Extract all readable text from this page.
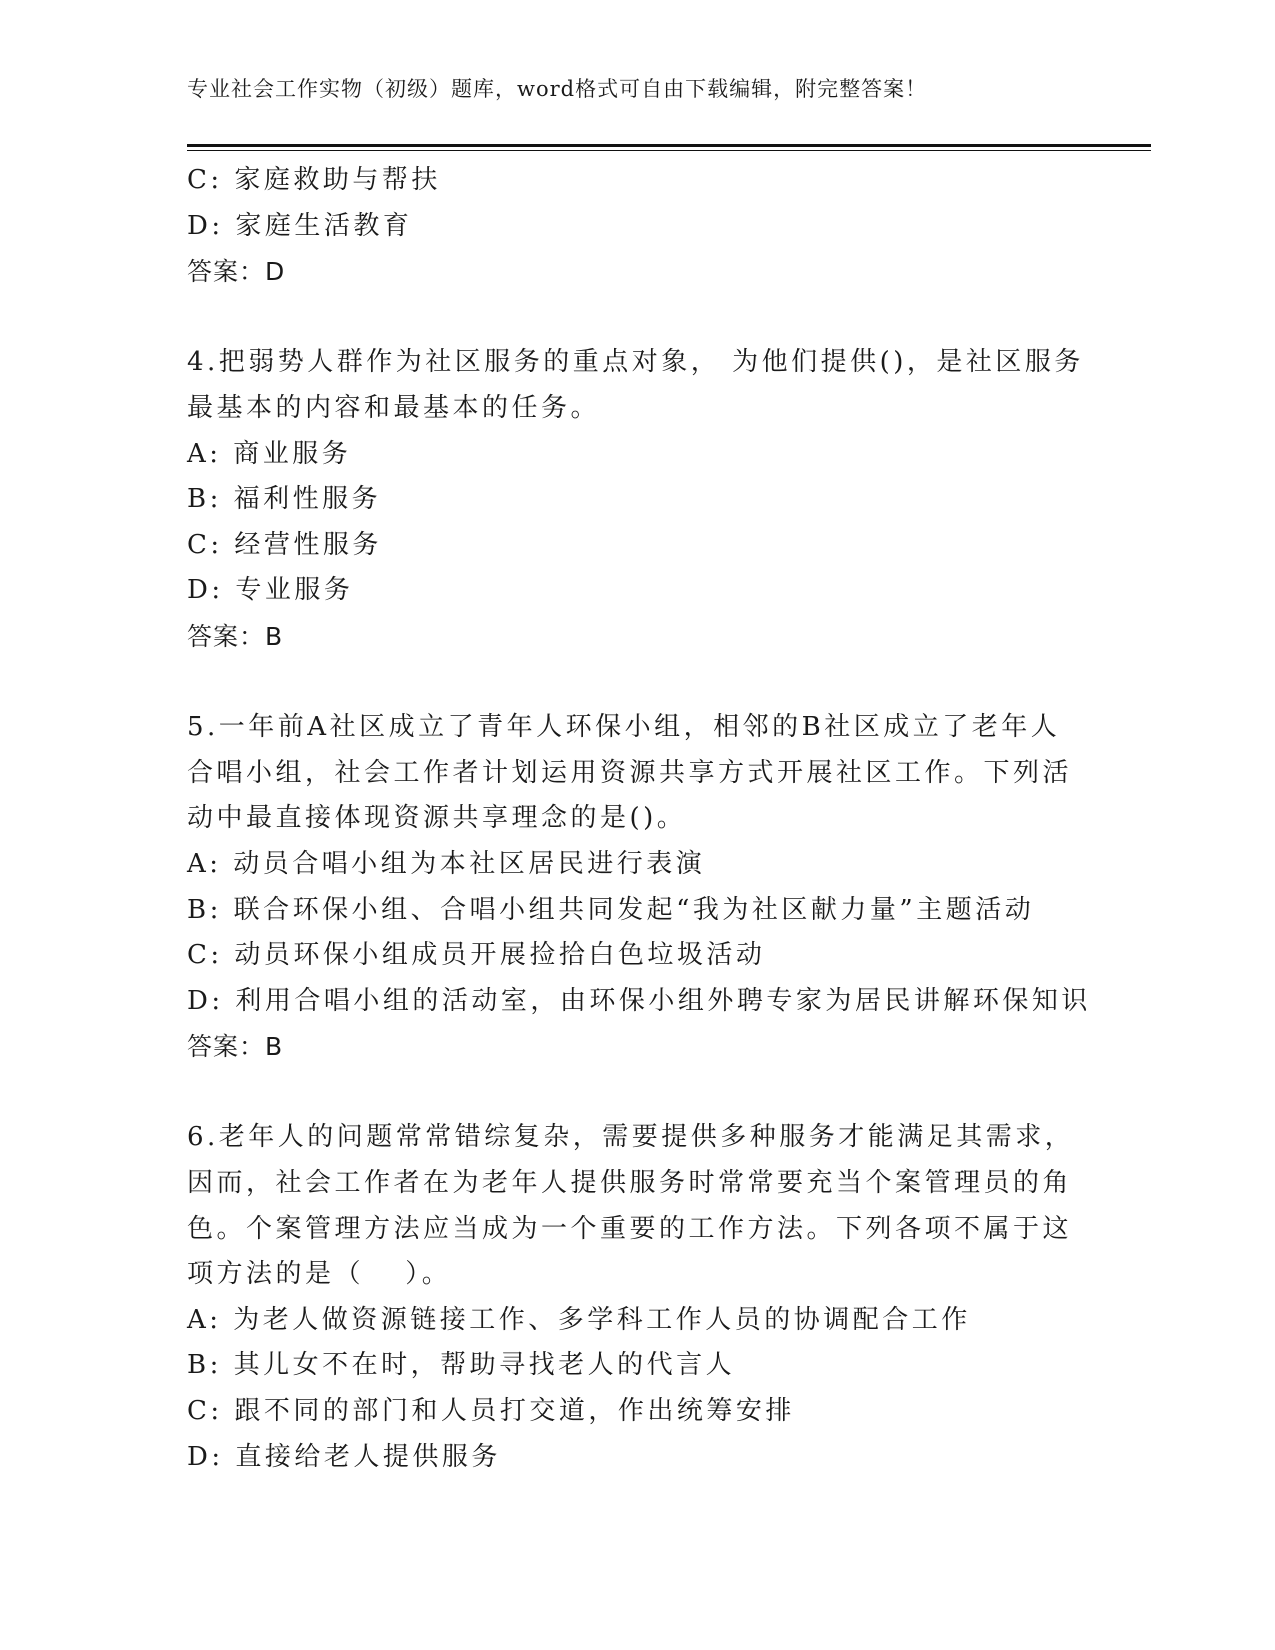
专业社会工作实物（初级）题库，word格式可自由下载编辑，附完整答案！
C: 家庭救助与帮扶
D: 家庭生活教育
答案：D
4.把弱势人群作为社区服务的重点对象， 为他们提供()，是社区服务
最基本的内容和最基本的任务。
A: 商业服务
B: 福利性服务
C: 经营性服务
D: 专业服务
答案：B
5.一年前A社区成立了青年人环保小组，相邻的B社区成立了老年人
合唱小组，社会工作者计划运用资源共享方式开展社区工作。下列活
动中最直接体现资源共享理念的是()。
A: 动员合唱小组为本社区居民进行表演
B: 联合环保小组、合唱小组共同发起“我为社区献力量”主题活动
C: 动员环保小组成员开展捡拾白色垃圾活动
D: 利用合唱小组的活动室，由环保小组外聘专家为居民讲解环保知识
答案：B
6.老年人的问题常常错综复杂，需要提供多种服务才能满足其需求，
因而，社会工作者在为老年人提供服务时常常要充当个案管理员的角
色。个案管理方法应当成为一个重要的工作方法。下列各项不属于这
项方法的是（　 ）。
A: 为老人做资源链接工作、多学科工作人员的协调配合工作
B: 其儿女不在时，帮助寻找老人的代言人
C: 跟不同的部门和人员打交道，作出统筹安排
D: 直接给老人提供服务
